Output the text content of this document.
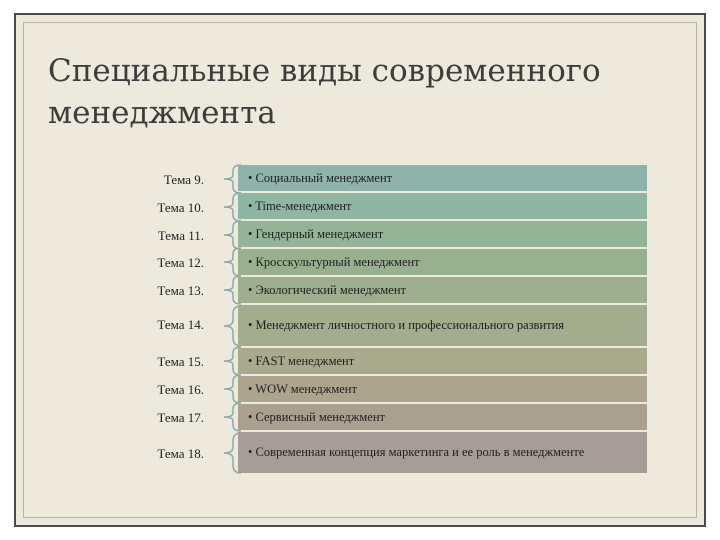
Специальные виды современного менеджмента
Тема 9.	• Социальный менеджмент
Тема 10.	• Time-менеджмент
Тема 11.	• Гендерный менеджмент
Тема 12.	• Кросскультурный менеджмент
Тема 13.	• Экологический менеджмент
Тема 14.	• Менеджмент личностного и профессионального развития
Тема 15.	• FAST менеджмент
Тема 16.	• WOW менеджмент
Тема 17.	• Сервисный менеджмент
Тема 18.	• Современная концепция маркетинга и ее роль в менеджменте
